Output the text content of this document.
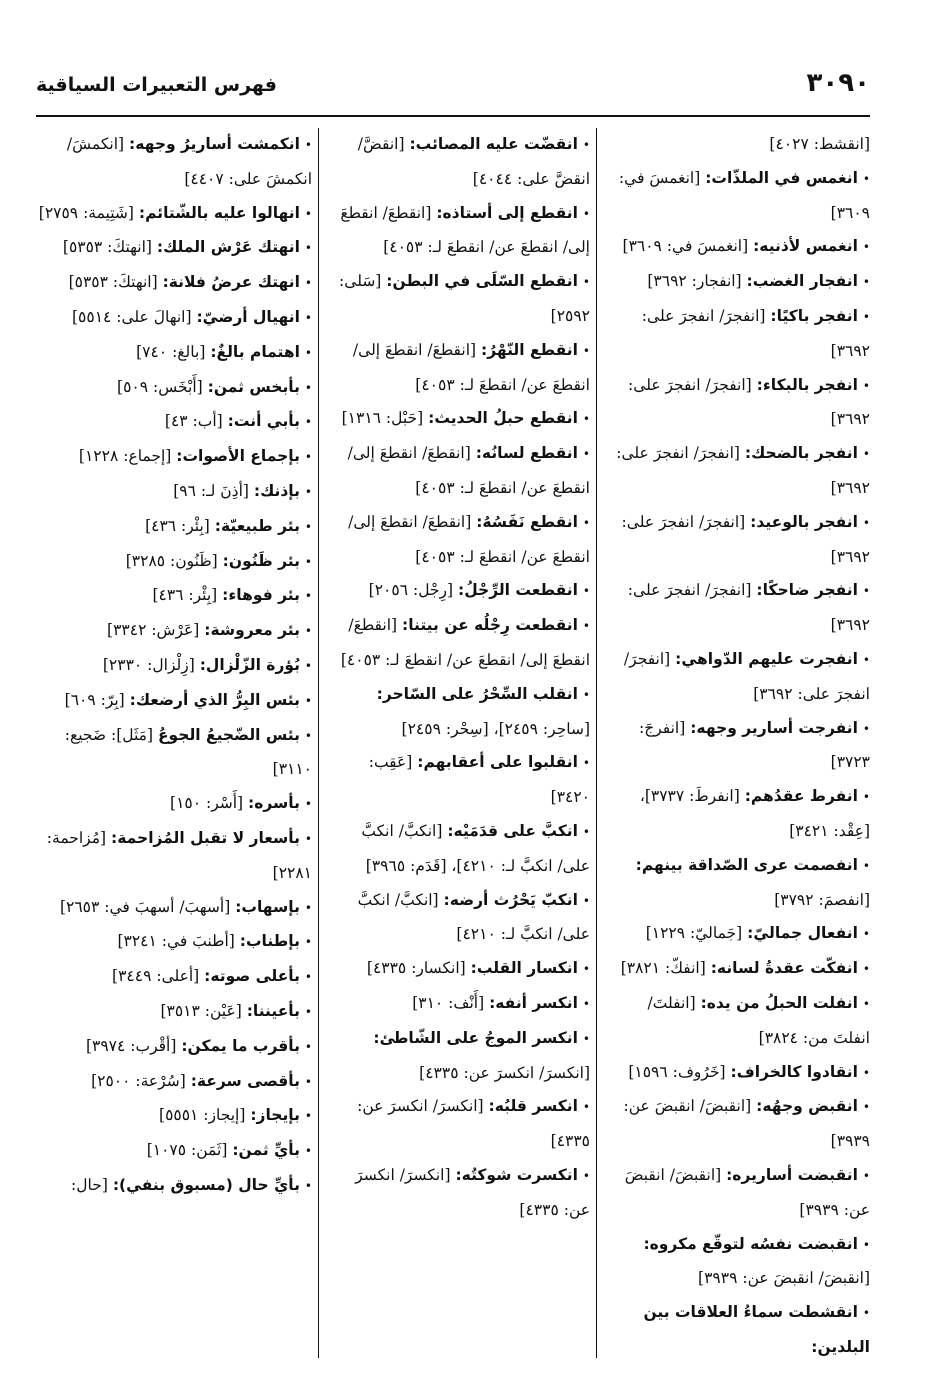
٣٠٩٠
فهرس التعبيرات السياقية

[انقشط: ٤٠٢٧]

•انغمس في الملذّات: [انغمسَ في: ٣٦٠٩]

•انغمس لأذنيه: [انغمسَ في: ٣٦٠٩]

•انفجار الغضب: [انفجار: ٣٦٩٢]

•انفجر باكيًا: [انفجرَ/ انفجرَ على: ٣٦٩٢]

•انفجر بالبكاء: [انفجرَ/ انفجرَ على: ٣٦٩٢]

•انفجر بالضحك: [انفجرَ/ انفجرَ على: ٣٦٩٢]

•انفجر بالوعيد: [انفجرَ/ انفجرَ على: ٣٦٩٢]

•انفجر ضاحكًا: [انفجرَ/ انفجرَ على: ٣٦٩٢]

•انفجرت عليهم الدّواهي: [انفجرَ/ انفجرَ على: ٣٦٩٢]

•انفرجت أسارير وجهه: [انفرجَ: ٣٧٢٣]

•انفرط عقدُهم: [انفرطَ: ٣٧٣٧]، [عِقْد: ٣٤٢١]

•انفصمت عرى الصّداقة بينهم: [انفصمَ: ٣٧٩٢]

•انفعال جماليّ: [جَماليّ: ١٢٢٩]

•انفكّت عقدةُ لسانه: [انفكّ: ٣٨٢١]

•انفلت الحبلُ من يده: [انفلتَ/ انفلتَ من: ٣٨٢٤]

•انقادوا كالخراف: [خَرُوف: ١٥٩٦]

•انقبض وجهُه: [انقبضَ/ انقبضَ عن: ٣٩٣٩]

•انقبضت أساريره: [انقبضَ/ انقبضَ عن: ٣٩٣٩]

•انقبضت نفسُه لتوقّع مكروه: [انقبضَ/ انقبضَ عن: ٣٩٣٩]

•انقشطت سماءُ العلاقات بين البلدين:

•انقضّت عليه المصائب: [انقضَّ/ انقضَّ على: ٤٠٤٤]

•انقطع إلى أستاذه: [انقطعَ/ انقطعَ إلى/ انقطعَ عن/ انقطعَ لـ: ٤٠٥٣]

•انقطع السّلَى في البطن: [سَلى: ٢٥٩٢]

•انقطع النّهْرُ: [انقطعَ/ انقطعَ إلى/ انقطعَ عن/ انقطعَ لـ: ٤٠٥٣]

•انقطع حبلُ الحديث: [حَبْل: ١٣١٦]

•انقطع لسانُه: [انقطعَ/ انقطعَ إلى/ انقطعَ عن/ انقطعَ لـ: ٤٠٥٣]

•انقطع نَفَسُهُ: [انقطعَ/ انقطعَ إلى/ انقطعَ عن/ انقطعَ لـ: ٤٠٥٣]

•انقطعت الرِّجْلُ: [رِجْل: ٢٠٥٦]

•انقطعت رِجْلُه عن بيتنا: [انقطعَ/ انقطعَ إلى/ انقطعَ عن/ انقطعَ لـ: ٤٠٥٣]

•انقلب السِّحْرُ على السّاحر: [ساحِر: ٢٤٥٩]، [سِحْر: ٢٤٥٩]

•انقلبوا على أعقابهم: [عَقِب: ٣٤٢٠]

•انكبَّ على قدَمَيْه: [انكبَّ/ انكبَّ على/ انكبَّ لـ: ٤٢١٠]، [قَدَم: ٣٩٦٥]

•انكبّ يَحْرُث أرضه: [انكبَّ/ انكبَّ على/ انكبَّ لـ: ٤٢١٠]

•انكسار القلب: [انكسار: ٤٣٣٥]

•انكسر أنفه: [أَنْف: ٣١٠]

•انكسر الموجُ على الشّاطئ: [انكسرَ/ انكسرَ عن: ٤٣٣٥]

•انكسر قلبُه: [انكسرَ/ انكسرَ عن: ٤٣٣٥]

•انكسرت شوكتُه: [انكسرَ/ انكسرَ عن: ٤٣٣٥]

•انكمشت أساريرُ وجهه: [انكمشَ/ انكمشَ على: ٤٤٠٧]

•انهالوا عليه بالشّتائم: [شَتِيمة: ٢٧٥٩]

•انهتك عَرْش الملك: [انهتكَ: ٥٣٥٣]

•انهتك عرضُ فلانة: [انهتكَ: ٥٣٥٣]

•انهيال أرضيّ: [انهالَ على: ٥٥١٤]

•اهتمام بالغٌ: [بالغ: ٧٤٠]

•بأبخس ثمن: [أَبْخَس: ٥٠٩]

•بأبي أنت: [أب: ٤٣]

•بإجماع الأصوات: [إجماع: ١٢٢٨]

•بإذنك: [أذِنَ لـ: ٩٦]

•بئر طبيعيّة: [بِئْر: ٤٣٦]

•بئر ظَنُون: [ظَنُون: ٣٢٨٥]

•بئر فوهاء: [بِئْر: ٤٣٦]

•بئر معروشة: [عَرْش: ٣٣٤٢]

•بُؤرة الزّلْزال: [زِلْزال: ٢٣٣٠]

•بئس البِرُّ الذي أرضعك: [بِرّ: ٦٠٩]

•بئس الضّجيعُ الجوعُ [مَثَل]: ضَجيع: ٣١١٠]

•بأسره: [أَسْر: ١٥٠]

•بأسعار لا تقبل المُزاحمة: [مُزاحمة: ٢٢٨١]

•بإسهاب: [أسهبَ/ أسهبَ في: ٢٦٥٣]

•بإطناب: [أطنبَ في: ٣٢٤١]

•بأعلى صوته: [أعلى: ٣٤٤٩]

•بأعيننا: [عَيْن: ٣٥١٣]

•بأقرب ما يمكن: [أقْرب: ٣٩٧٤]

•بأقصى سرعة: [سُرْعة: ٢٥٠٠]

•بإيجاز: [إيجاز: ٥٥٥١]

•بأيِّ ثمن: [ثَمَن: ١٠٧٥]

•بأيِّ حال (مسبوق بنفي): [حال:
